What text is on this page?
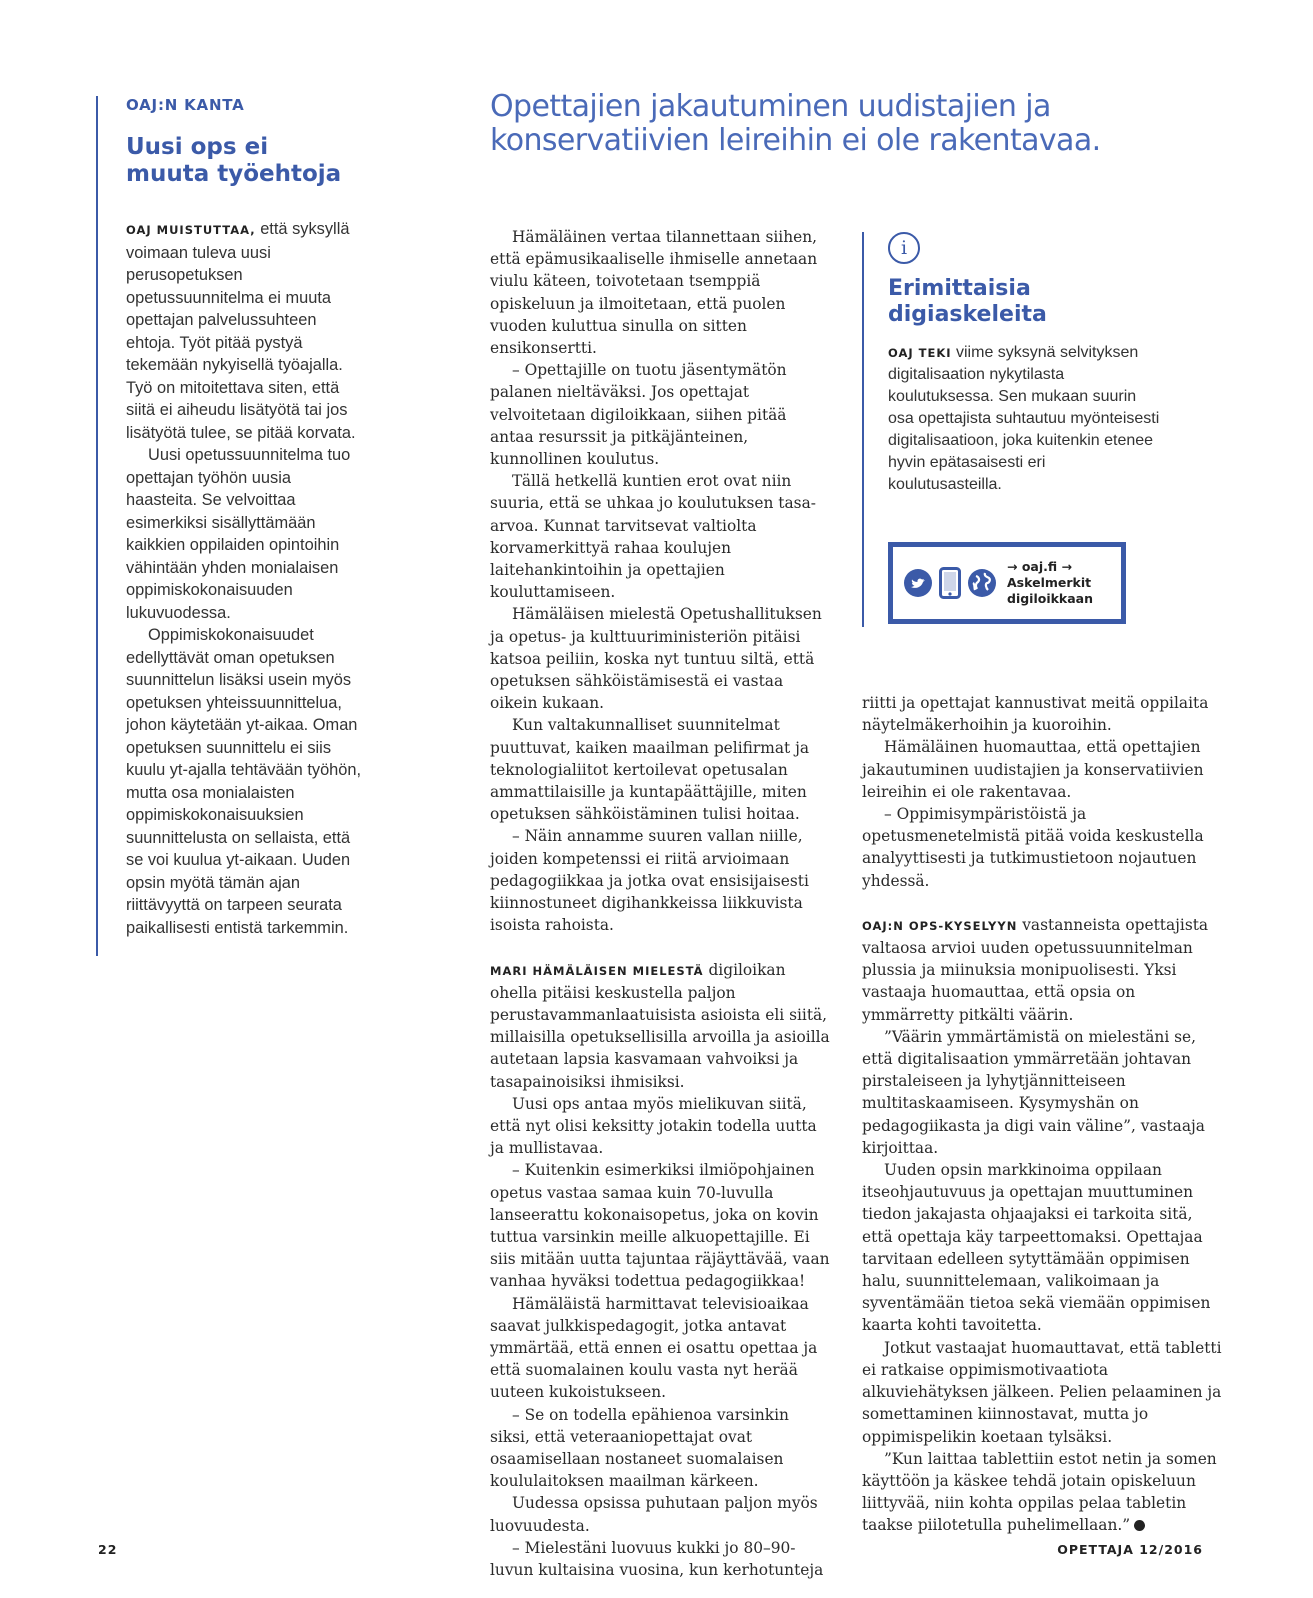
OAJ:N KANTA
Uusi ops ei
muuta työehtoja

OAJ MUISTUTTAA, että syksyllä voimaan tuleva uusi perusopetuksen opetussuunnitelma ei muuta opettajan palvelussuhteen ehtoja. Työt pitää pystyä tekemään nykyisellä työajalla. Työ on mitoitettava siten, että siitä ei aiheudu lisätyötä tai jos lisätyötä tulee, se pitää korvata.

Uusi opetussuunnitelma tuo opettajan työhön uusia haasteita. Se velvoittaa esimerkiksi sisällyttämään kaikkien oppilaiden opintoihin vähintään yhden monialaisen oppimiskokonaisuuden lukuvuodessa.

Oppimiskokonaisuudet edellyttävät oman opetuksen suunnittelun lisäksi usein myös opetuksen yhteissuunnittelua, johon käytetään yt-aikaa. Oman opetuksen suunnittelu ei siis kuulu yt-ajalla tehtävään työhön, mutta osa monialaisten oppimiskokonaisuuksien suunnittelusta on sellaista, että se voi kuulua yt-aikaan. Uuden opsin myötä tämän ajan riittävyyttä on tarpeen seurata paikallisesti entistä tarkemmin.

Opettajien jakautuminen uudistajien ja
konservatiivien leireihin ei ole rakentavaa.

Hämäläinen vertaa tilannettaan siihen, että epämusikaaliselle ihmiselle annetaan viulu käteen, toivotetaan tsemppiä opiskeluun ja ilmoitetaan, että puolen vuoden kuluttua sinulla on sitten ensikonsertti.

– Opettajille on tuotu jäsentymätön palanen nieltäväksi. Jos opettajat velvoitetaan digiloikkaan, siihen pitää antaa resurssit ja pitkäjänteinen, kunnollinen koulutus.

Tällä hetkellä kuntien erot ovat niin suuria, että se uhkaa jo koulutuksen tasa-arvoa. Kunnat tarvitsevat valtiolta korvamerkittyä rahaa koulujen laitehankintoihin ja opettajien kouluttamiseen.

Hämäläisen mielestä Opetushallituksen ja opetus- ja kulttuuriministeriön pitäisi katsoa peiliin, koska nyt tuntuu siltä, että opetuksen sähköistämisestä ei vastaa oikein kukaan.

Kun valtakunnalliset suunnitelmat puuttuvat, kaiken maailman pelifirmat ja teknologialiitot kertoilevat opetusalan ammattilaisille ja kuntapäättäjille, miten opetuksen sähköistäminen tulisi hoitaa.

– Näin annamme suuren vallan niille, joiden kompetenssi ei riitä arvioimaan pedagogiikkaa ja jotka ovat ensisijaisesti kiinnostuneet digihankkeissa liikkuvista isoista rahoista.

MARI HÄMÄLÄISEN MIELESTÄ digiloikan ohella pitäisi keskustella paljon perustavammanlaatuisista asioista eli siitä, millaisilla opetuksellisilla arvoilla ja asioilla autetaan lapsia kasvamaan vahvoiksi ja tasapainoisiksi ihmisiksi.

Uusi ops antaa myös mielikuvan siitä, että nyt olisi keksitty jotakin todella uutta ja mullistavaa.

– Kuitenkin esimerkiksi ilmiöpohjainen opetus vastaa samaa kuin 70-luvulla lanseerattu kokonaisopetus, joka on kovin tuttua varsinkin meille alkuopettajille. Ei siis mitään uutta tajuntaa räjäyttävää, vaan vanhaa hyväksi todettua pedagogiikkaa!

Hämäläistä harmittavat televisioaikaa saavat julkkispedagogit, jotka antavat ymmärtää, että ennen ei osattu opettaa ja että suomalainen koulu vasta nyt herää uuteen kukoistukseen.

– Se on todella epähienoa varsinkin siksi, että veteraaniopettajat ovat osaamisellaan nostaneet suomalaisen koululaitoksen maailman kärkeen.

Uudessa opsissa puhutaan paljon myös luovuudesta.

– Mielestäni luovuus kukki jo 80–90-luvun kultaisina vuosina, kun kerhotunteja

i
Erimittaisia
digiaskeleita

OAJ TEKI viime syksynä selvityksen digitalisaation nykytilasta koulutuksessa. Sen mukaan suurin osa opettajista suhtautuu myönteisesti digitalisaatioon, joka kuitenkin etenee hyvin epätasaisesti eri koulutusasteilla.

→ oaj.fi →
Askelmerkit
digiloikkaan

riitti ja opettajat kannustivat meitä oppilaita näytelmäkerhoihin ja kuoroihin.

Hämäläinen huomauttaa, että opettajien jakautuminen uudistajien ja konservatiivien leireihin ei ole rakentavaa.

– Oppimisympäristöistä ja opetusmenetelmistä pitää voida keskustella analyyttisesti ja tutkimustietoon nojautuen yhdessä.

OAJ:N OPS-KYSELYYN vastanneista opettajista valtaosa arvioi uuden opetussuunnitelman plussia ja miinuksia monipuolisesti. Yksi vastaaja huomauttaa, että opsia on ymmärretty pitkälti väärin.

”Väärin ymmärtämistä on mielestäni se, että digitalisaation ymmärretään johtavan pirstaleiseen ja lyhytjännitteiseen multitaskaamiseen. Kysymyshän on pedagogiikasta ja digi vain väline”, vastaaja kirjoittaa.

Uuden opsin markkinoima oppilaan itseohjautuvuus ja opettajan muuttuminen tiedon jakajasta ohjaajaksi ei tarkoita sitä, että opettaja käy tarpeettomaksi. Opettajaa tarvitaan edelleen sytyttämään oppimisen halu, suunnittelemaan, valikoimaan ja syventämään tietoa sekä viemään oppimisen kaarta kohti tavoitetta.

Jotkut vastaajat huomauttavat, että tabletti ei ratkaise oppimismotivaatiota alkuviehätyksen jälkeen. Pelien pelaaminen ja somettaminen kiinnostavat, mutta jo oppimispelikin koetaan tylsäksi.

”Kun laittaa tablettiin estot netin ja somen käyttöön ja käskee tehdä jotain opiskeluun liittyvää, niin kohta oppilas pelaa tabletin taakse piilotetulla puhelimellaan.”

22	OPETTAJA 12/2016
